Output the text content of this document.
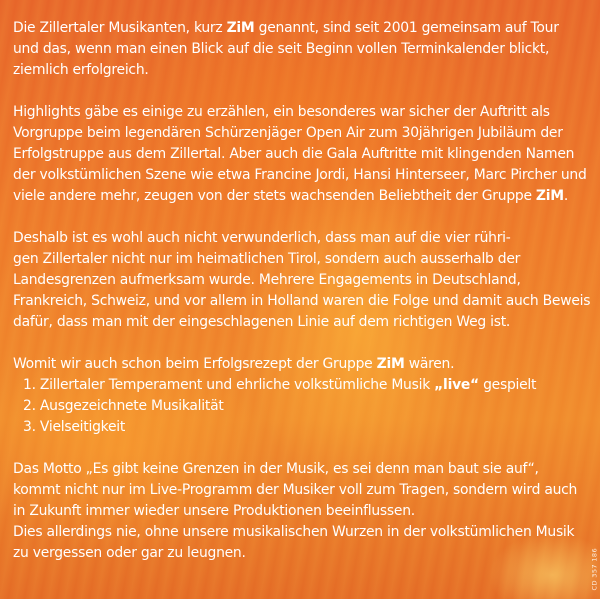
Die Zillertaler Musikanten, kurz ZiM genannt, sind seit 2001 gemeinsam auf Tour
und das, wenn man einen Blick auf die seit Beginn vollen Terminkalender blickt,
ziemlich erfolgreich.
Highlights gäbe es einige zu erzählen, ein besonderes war sicher der Auftritt als
Vorgruppe beim legendären Schürzenjäger Open Air zum 30jährigen Jubiläum der
Erfolgstruppe aus dem Zillertal. Aber auch die Gala Auftritte mit klingenden Namen
der volkstümlichen Szene wie etwa Francine Jordi, Hansi Hinterseer, Marc Pircher und
viele andere mehr, zeugen von der stets wachsenden Beliebtheit der Gruppe ZiM.
Deshalb ist es wohl auch nicht verwunderlich, dass man auf die vier rühri-
gen Zillertaler nicht nur im heimatlichen Tirol, sondern auch ausserhalb der
Landesgrenzen aufmerksam wurde. Mehrere Engagements in Deutschland,
Frankreich, Schweiz, und vor allem in Holland waren die Folge und damit auch Beweis
dafür, dass man mit der eingeschlagenen Linie auf dem richtigen Weg ist.
Womit wir auch schon beim Erfolgsrezept der Gruppe ZiM wären.
1. Zillertaler Temperament und ehrliche volkstümliche Musik „live“ gespielt
2. Ausgezeichnete Musikalität
3. Vielseitigkeit
Das Motto „Es gibt keine Grenzen in der Musik, es sei denn man baut sie auf“,
kommt nicht nur im Live-Programm der Musiker voll zum Tragen, sondern wird auch
in Zukunft immer wieder unsere Produktionen beeinflussen.
Dies allerdings nie, ohne unsere musikalischen Wurzen in der volkstümlichen Musik
zu vergessen oder gar zu leugnen.	CD 357 186
